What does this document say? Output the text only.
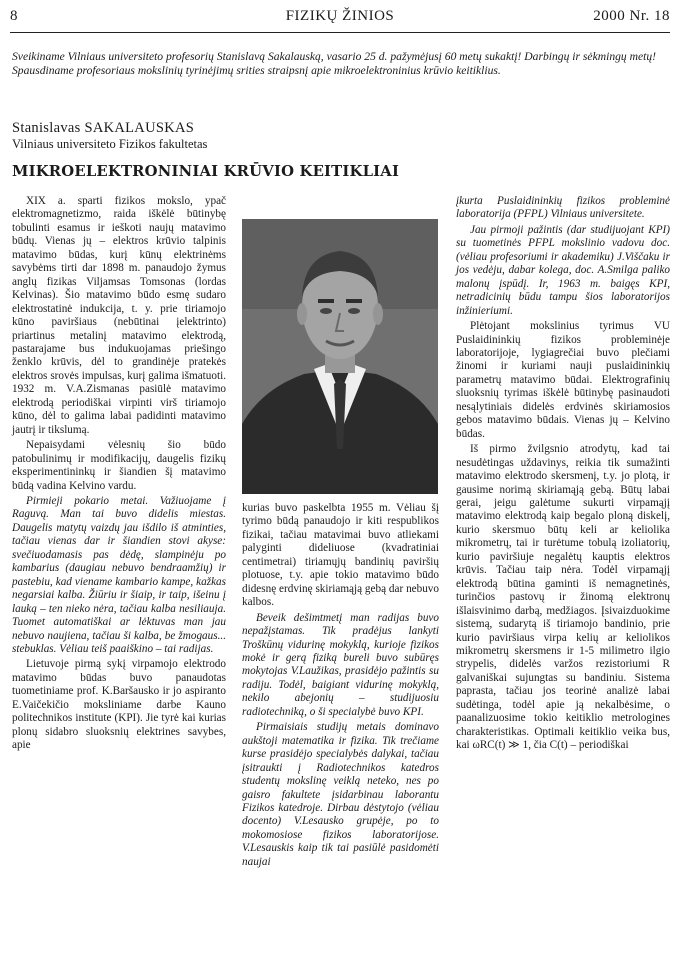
8	FIZIKŲ ŽINIOS	2000 Nr. 18

Sveikiname Vilniaus universiteto profesorių Stanislavą Sakalauską, vasario 25 d. pažymėjusį 60 metų sukaktį! Darbingų ir sėkmingų metų!

Spausdiname profesoriaus mokslinių tyrinėjimų srities straipsnį apie mikroelektroninius krūvio keitiklius.

Stanislavas SAKALAUSKAS

Vilniaus universiteto Fizikos fakultetas

MIKROELEKTRONINIAI KRŪVIO KEITIKLIAI

XIX a. sparti fizikos mokslo, ypač elektromagnetizmo, raida iškėlė būtinybę tobulinti esamus ir ieškoti naujų matavimo būdų. Vienas jų – elektros krūvio talpinis matavimo būdas, kurį kūnų elektrinėms savybėms tirti dar 1898 m. panaudojo žymus anglų fizikas Viljamsas Tomsonas (lordas Kelvinas). Šio matavimo būdo esmę sudaro elektrostatinė indukcija, t. y. prie tiriamojo kūno paviršiaus (nebūtinai įelektrinto) priartinus metalinį matavimo elektrodą, pastarajame bus indukuojamas priešingo ženklo krūvis, dėl to grandinėje pratekės elektros srovės impulsas, kurį galima išmatuoti. 1932 m. V.A.Zismanas pasiūlė matavimo elektrodą periodiškai virpinti virš tiriamojo kūno, dėl to galima labai padidinti matavimo jautrį ir tikslumą.

Nepaisydami vėlesnių šio būdo patobulinimų ir modifikacijų, daugelis fizikų eksperimentininkų ir šiandien šį matavimo būdą vadina Kelvino vardu.

Pirmieji pokario metai. Važiuojame į Raguvą. Man tai buvo didelis miestas. Daugelis matytų vaizdų jau išdilo iš atminties, tačiau vienas dar ir šiandien stovi akyse: svečiuodamasis pas dėdę, slampinėju po kambarius (daugiau nebuvo bendraamžių) ir pastebiu, kad viename kambario kampe, kažkas negarsiai kalba. Žiūriu ir šiaip, ir taip, išeinu į lauką – ten nieko nėra, tačiau kalba nesiliauja. Tuomet automatiškai ar lėktuvas man jau nebuvo naujiena, tačiau ši kalba, be žmogaus... stebuklas. Vėliau teiš paaiškino – tai radijas.

Lietuvoje pirmą sykį virpamojo elektrodo matavimo būdas buvo panaudotas tuometiniame prof. K.Baršausko ir jo aspiranto E.Vaičekičio moksliniame darbe Kauno politechnikos institute (KPI). Jie tyrė kai kurias plonų sidabro sluoksnių elektrines savybes, apie

kurias buvo paskelbta 1955 m. Vėliau šį tyrimo būdą panaudojo ir kiti respublikos fizikai, tačiau matavimai buvo atliekami palyginti dideliuose (kvadratiniai centimetrai) tiriamųjų bandinių paviršių plotuose, t.y. apie tokio matavimo būdo didesnę erdvinę skiriamąją gebą dar nebuvo kalbos.

Beveik dešimtmetį man radijas buvo nepažįstamas. Tik pradėjus lankyti Troškūnų vidurinę mokyklą, kurioje fizikos mokė ir gerą fiziką bureli buvo subūręs mokytojas V.Laužikas, prasidėjo pažintis su radiju. Todėl, baigiant vidurinę mokyklą, nekilo abejonių – studijuosiu radiotechniką, o ši specialybė buvo KPI.

Pirmaisiais studijų metais dominavo aukštoji matematika ir fizika. Tik trečiame kurse prasidėjo specialybės dalykai, tačiau įsitraukti į Radiotechnikos katedros studentų mokslinę veiklą neteko, nes po gaisro fakultete įsidarbinau laborantu Fizikos katedroje. Dirbau dėstytojo (vėliau docento) V.Lesausko grupėje, po to mokomosiose fizikos laboratorijose. V.Lesauskis kaip tik tai pasiūlė pasidomėti naujai

įkurta Puslaidininkių fizikos probleminė laboratorija (PFPL) Vilniaus universitete.

Jau pirmoji pažintis (dar studijuojant KPI) su tuometinės PFPL mokslinio vadovu doc. (vėliau profesoriumi ir akademiku) J.Viščaku ir jos vedėju, dabar kolega, doc. A.Smilga paliko malonų įspūdį. Ir, 1963 m. baigęs KPI, netradicinių būdu tampu šios laboratorijos inžinieriumi.

Plėtojant mokslinius tyrimus VU Puslaidininkių fizikos probleminėje laboratorijoje, lygiagrečiai buvo plečiami žinomi ir kuriami nauji puslaidininkių parametrų matavimo būdai. Elektrografinių sluoksnių tyrimas iškėlė būtinybę pasinaudoti nesąlytiniais didelės erdvinės skiriamosios gebos matavimo būdais. Vienas jų – Kelvino būdas.

Iš pirmo žvilgsnio atrodytų, kad tai nesudėtingas uždavinys, reikia tik sumažinti matavimo elektrodo skersmenį, t.y. jo plotą, ir gausime norimą skiriamąją gebą. Būtų labai gerai, jeigu galėtume sukurti virpamąjį matavimo elektrodą kaip begalo ploną diskelį, kurio skersmuo būtų keli ar keliolika mikrometrų, tai ir turėtume tobulą izoliatorių, kurio paviršiuje negalėtų kauptis elektros krūvis. Tačiau taip nėra. Todėl virpamąjį elektrodą būtina gaminti iš nemagnetinės, turinčios pastovų ir žinomą elektronų išlaisvinimo darbą, medžiagos. Įsivaizduokime sistemą, sudarytą iš tiriamojo bandinio, prie kurio paviršiaus virpa kelių ar keliolikos mikrometrų skersmens ir 1-5 milimetro ilgio strypelis, didelės varžos rezistoriumi R galvaniškai sujungtas su bandiniu. Sistema paprasta, tačiau jos teorinė analizė labai sudėtinga, todėl apie ją nekalbėsime, o paanalizuosime tokio keitiklio metrologines charakteristikas. Optimali keitiklio veika bus, kai ωRC(t) ≫ 1, čia C(t) – periodiškai
